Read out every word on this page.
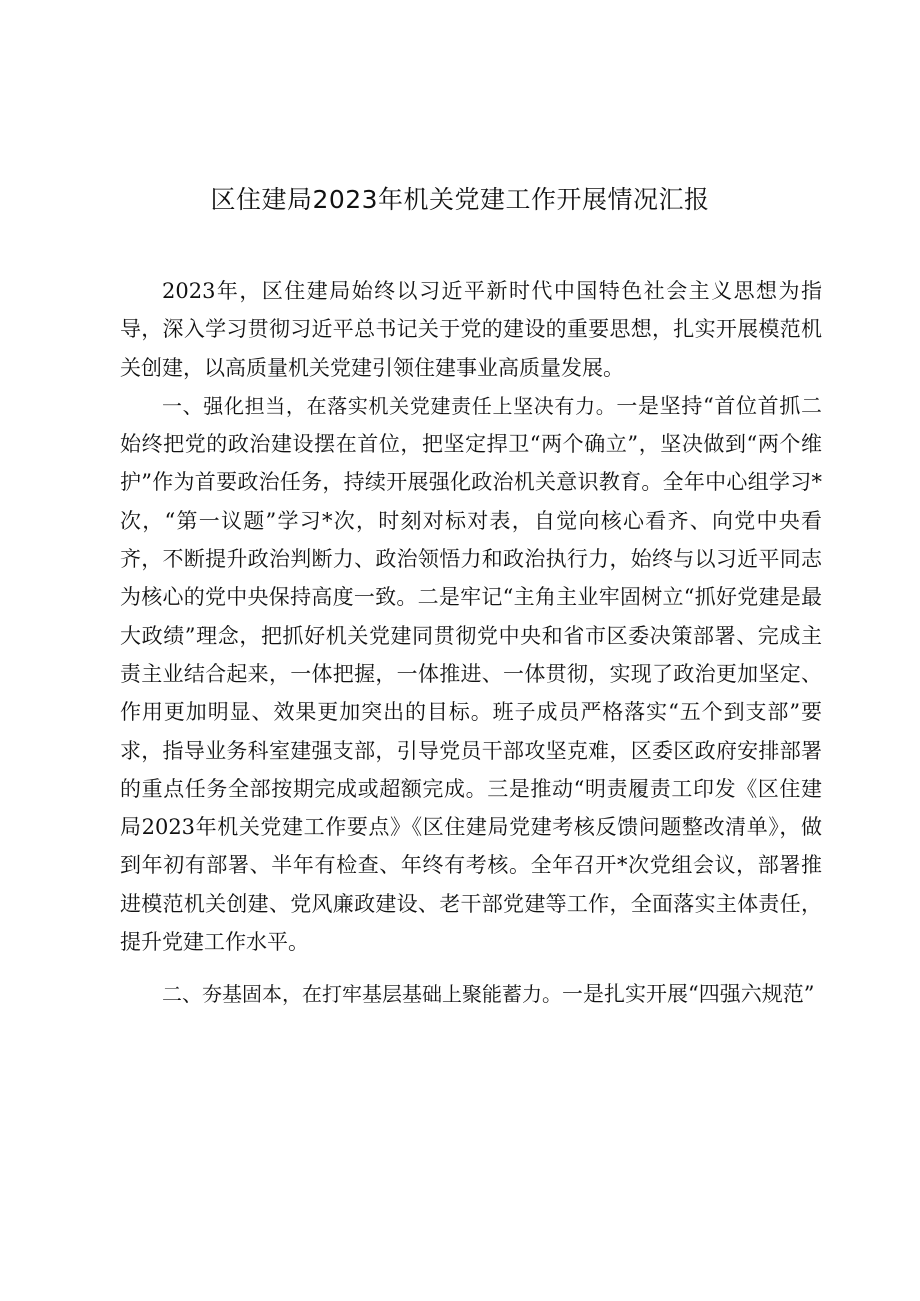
区住建局2023年机关党建工作开展情况汇报

2023年，区住建局始终以习近平新时代中国特色社会主义思想为指导，深入学习贯彻习近平总书记关于党的建设的重要思想，扎实开展模范机关创建，以高质量机关党建引领住建事业高质量发展。

一、强化担当，在落实机关党建责任上坚决有力。一是坚持“首位首抓二始终把党的政治建设摆在首位，把坚定捍卫“两个确立”，坚决做到“两个维护”作为首要政治任务，持续开展强化政治机关意识教育。全年中心组学习*次，“第一议题”学习*次，时刻对标对表，自觉向核心看齐、向党中央看齐，不断提升政治判断力、政治领悟力和政治执行力，始终与以习近平同志为核心的党中央保持高度一致。二是牢记“主角主业牢固树立“抓好党建是最大政绩”理念，把抓好机关党建同贯彻党中央和省市区委决策部署、完成主责主业结合起来，一体把握，一体推进、一体贯彻，实现了政治更加坚定、作用更加明显、效果更加突出的目标。班子成员严格落实“五个到支部”要求，指导业务科室建强支部，引导党员干部攻坚克难，区委区政府安排部署的重点任务全部按期完成或超额完成。三是推动“明责履责工印发《区住建局2023年机关党建工作要点》《区住建局党建考核反馈问题整改清单》，做到年初有部署、半年有检查、年终有考核。全年召开*次党组会议，部署推进模范机关创建、党风廉政建设、老干部党建等工作，全面落实主体责任，提升党建工作水平。

二、夯基固本，在打牢基层基础上聚能蓄力。一是扎实开展“四强六规范”
